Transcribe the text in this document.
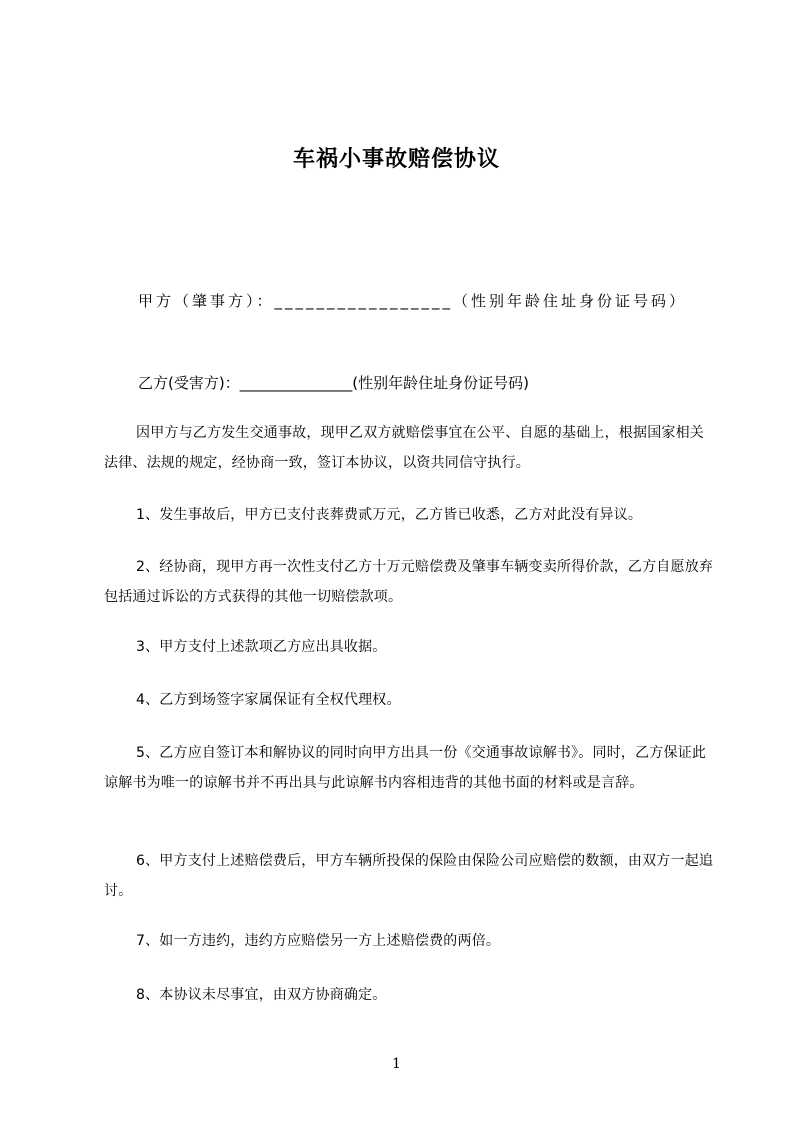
车祸小事故赔偿协议

甲方（肇事方）：_________________（性别年龄住址身份证号码）

乙方(受害方)：_______________(性别年龄住址身份证号码)

因甲方与乙方发生交通事故，现甲乙双方就赔偿事宜在公平、自愿的基础上，根据国家相关法律、法规的规定，经协商一致，签订本协议，以资共同信守执行。

1、发生事故后，甲方已支付丧葬费贰万元，乙方皆已收悉，乙方对此没有异议。

2、经协商，现甲方再一次性支付乙方十万元赔偿费及肇事车辆变卖所得价款，乙方自愿放弃包括通过诉讼的方式获得的其他一切赔偿款项。

3、甲方支付上述款项乙方应出具收据。

4、乙方到场签字家属保证有全权代理权。

5、乙方应自签订本和解协议的同时向甲方出具一份《交通事故谅解书》。同时，乙方保证此谅解书为唯一的谅解书并不再出具与此谅解书内容相违背的其他书面的材料或是言辞。

6、甲方支付上述赔偿费后，甲方车辆所投保的保险由保险公司应赔偿的数额，由双方一起追讨。

7、如一方违约，违约方应赔偿另一方上述赔偿费的两倍。

8、本协议未尽事宜，由双方协商确定。

1
